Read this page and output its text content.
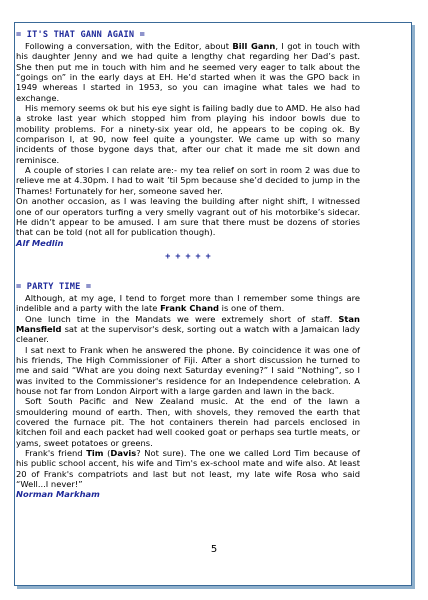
= IT'S THAT GANN AGAIN =

Following a conversation, with the Editor, about Bill Gann, I got in touch with his daughter Jenny and we had quite a lengthy chat regarding her Dad’s past. She then put me in touch with him and he seemed very eager to talk about the “goings on” in the early days at EH. He’d started when it was the GPO back in 1949 whereas I started in 1953, so you can imagine what tales we had to exchange.

His memory seems ok but his eye sight is failing badly due to AMD. He also had a stroke last year which stopped him from playing his indoor bowls due to mobility problems. For a ninety-six year old, he appears to be coping ok. By comparison I, at 90, now feel quite a youngster. We came up with so many incidents of those bygone days that, after our chat it made me sit down and reminisce.

A couple of stories I can relate are:- my tea relief on sort in room 2 was due to relieve me at 4.30pm. I had to wait ’til 5pm because she’d decided to jump in the Thames! Fortunately for her, someone saved her.

On another occasion, as I was leaving the building after night shift, I witnessed one of our operators turfing a very smelly vagrant out of his motorbike’s sidecar. He didn’t appear to be amused. I am sure that there must be dozens of stories that can be told (not all for publication though).

Alf Medlin
+ + + + +
= PARTY TIME =

Although, at my age, I tend to forget more than I remember some things are indelible and a party with the late Frank Chand is one of them.

One lunch time in the Mandats we were extremely short of staff. Stan Mansfield sat at the supervisor's desk, sorting out a watch with a Jamaican lady cleaner.

I sat next to Frank when he answered the phone. By coincidence it was one of his friends, The High Commissioner of Fiji. After a short discussion he turned to me and said “What are you doing next Saturday evening?” I said “Nothing”, so I was invited to the Commissioner's residence for an Independence celebration. A house not far from London Airport with a large garden and lawn in the back.

Soft South Pacific and New Zealand music. At the end of the lawn a smouldering mound of earth. Then, with shovels, they removed the earth that covered the furnace pit. The hot containers therein had parcels enclosed in kitchen foil and each packet had well cooked goat or perhaps sea turtle meats, or yams, sweet potatoes or greens.

Frank's friend Tim (Davis? Not sure). The one we called Lord Tim because of his public school accent, his wife and Tim's ex-school mate and wife also. At least 20 of Frank's compatriots and last but not least, my late wife Rosa who said “Well...I never!”

Norman Markham
5
